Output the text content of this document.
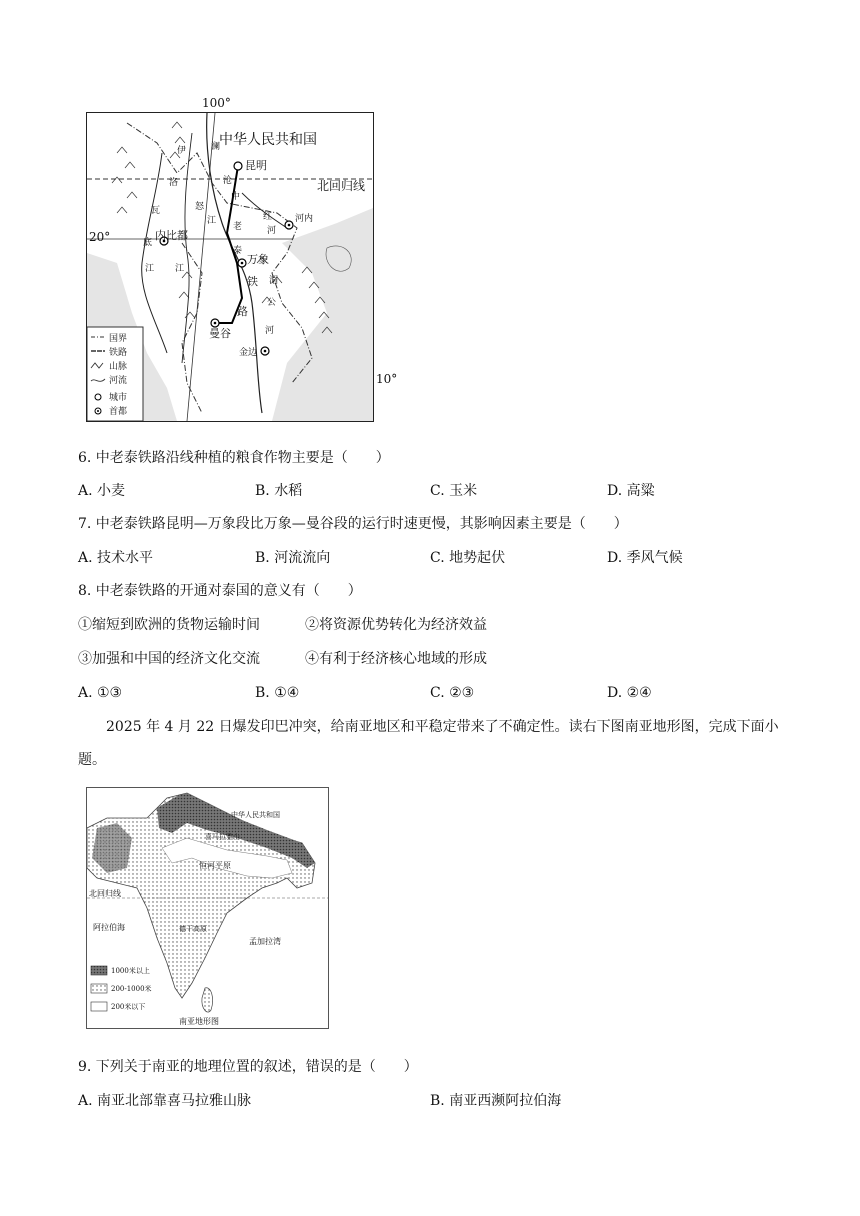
100°
中华人民共和国
北回归线
20°
昆明
万象
曼谷
河内
内比都
金边
伊
洛
瓦
底
江
怒
江
澜
沧
江	红
河
湄
公
河
中
老
泰
铁
路
国界
铁路
山脉
河流
城市
首都
10°
6. 中老泰铁路沿线种植的粮食作物主要是（　　）
A. 小麦	B. 水稻	C. 玉米	D. 高粱
7. 中老泰铁路昆明—万象段比万象—曼谷段的运行时速更慢，其影响因素主要是（　　）
A. 技术水平	B. 河流流向	C. 地势起伏	D. 季风气候
8. 中老泰铁路的开通对泰国的意义有（　　）
①缩短到欧洲的货物运输时间	②将资源优势转化为经济效益
③加强和中国的经济文化交流	④有利于经济核心地域的形成
A. ①③	B. ①④	C. ②③	D. ②④
2025 年 4 月 22 日爆发印巴冲突，给南亚地区和平稳定带来了不确定性。读右下图南亚地形图，完成下面小题。
中华人民共和国
喜马拉雅山
恒河平原
北回归线
阿拉伯海
孟加拉湾
德干高原
1000米以上
200-1000米
200米以下
南亚地形图
9. 下列关于南亚的地理位置的叙述，错误的是（　　）
A. 南亚北部靠喜马拉雅山脉	B. 南亚西濒阿拉伯海
